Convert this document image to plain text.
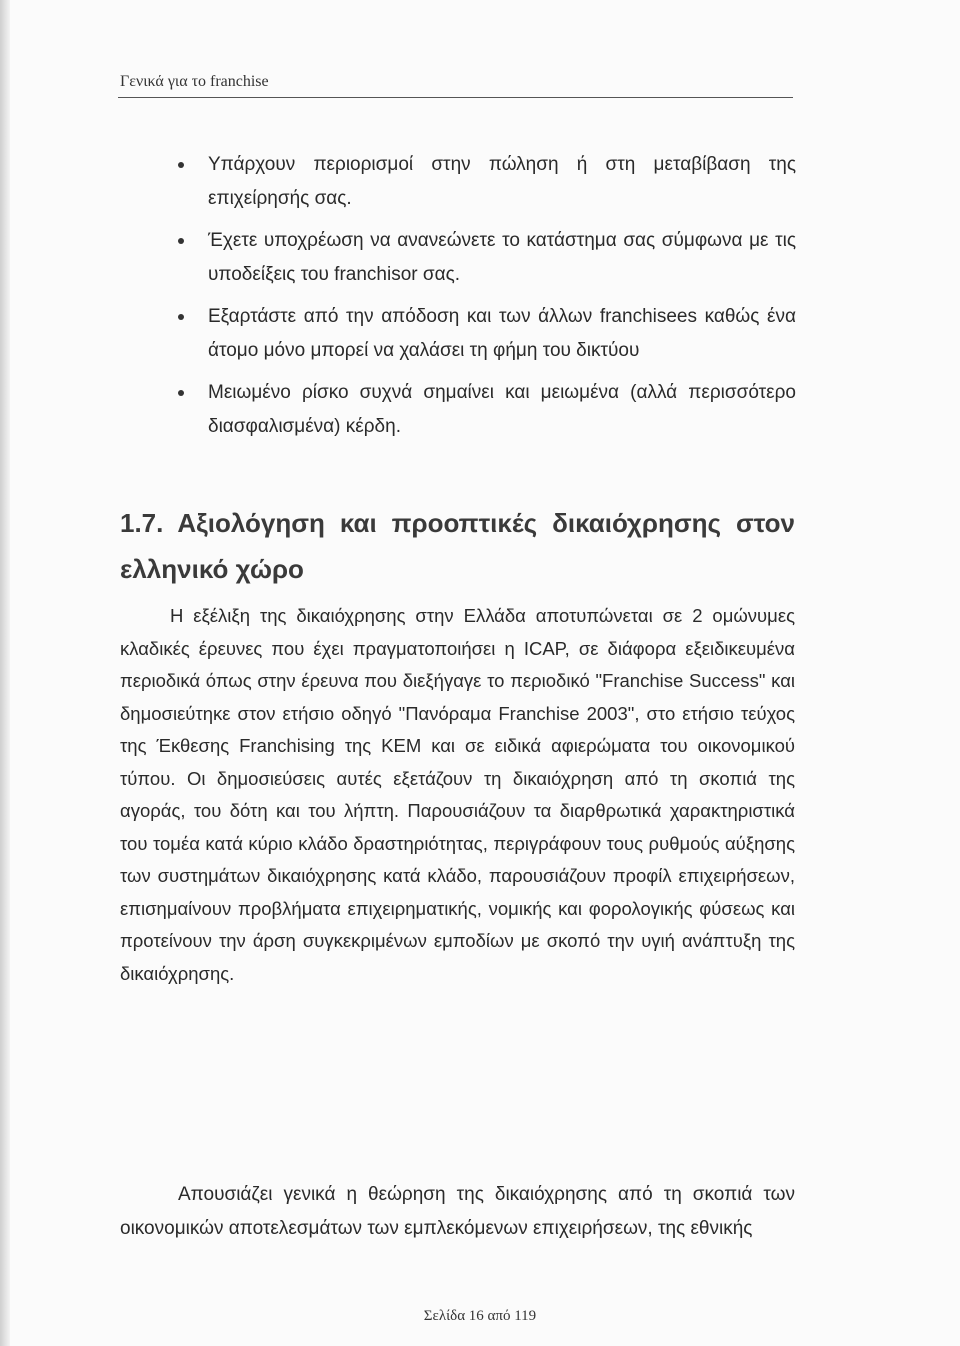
Γενικά για το franchise
Υπάρχουν περιορισμοί στην πώληση ή στη μεταβίβαση της επιχείρησής σας.
Έχετε υποχρέωση να ανανεώνετε το κατάστημα σας σύμφωνα με τις υποδείξεις του franchisor σας.
Εξαρτάστε από την απόδοση και των άλλων franchisees καθώς ένα άτομο μόνο μπορεί να χαλάσει τη φήμη του δικτύου
Μειωμένο ρίσκο συχνά σημαίνει και μειωμένα (αλλά περισσότερο διασφαλισμένα) κέρδη.
1.7. Αξιολόγηση και προοπτικές δικαιόχρησης στον ελληνικό χώρο

Η εξέλιξη της δικαιόχρησης στην Ελλάδα αποτυπώνεται σε 2 ομώνυμες κλαδικές έρευνες που έχει πραγματοποιήσει η ICAP, σε διάφορα εξειδικευμένα περιοδικά όπως στην έρευνα που διεξήγαγε το περιοδικό "Franchise Success" και δημοσιεύτηκε στον ετήσιο οδηγό "Πανόραμα Franchise 2003", στο ετήσιο τεύχος της Έκθεσης Franchising της KEM και σε ειδικά αφιερώματα του οικονομικού τύπου. Οι δημοσιεύσεις αυτές εξετάζουν τη δικαιόχρηση από τη σκοπιά της αγοράς, του δότη και του λήπτη. Παρουσιάζουν τα διαρθρωτικά χαρακτηριστικά του τομέα κατά κύριο κλάδο δραστηριότητας, περιγράφουν τους ρυθμούς αύξησης των συστημάτων δικαιόχρησης κατά κλάδο, παρουσιάζουν προφίλ επιχειρήσεων, επισημαίνουν προβλήματα επιχειρηματικής, νομικής και φορολογικής φύσεως και προτείνουν την άρση συγκεκριμένων εμποδίων με σκοπό την υγιή ανάπτυξη της δικαιόχρησης.

Απουσιάζει γενικά η θεώρηση της δικαιόχρησης από τη σκοπιά των οικονομικών αποτελεσμάτων των εμπλεκόμενων επιχειρήσεων, της εθνικής

Σελίδα 16 από 119
